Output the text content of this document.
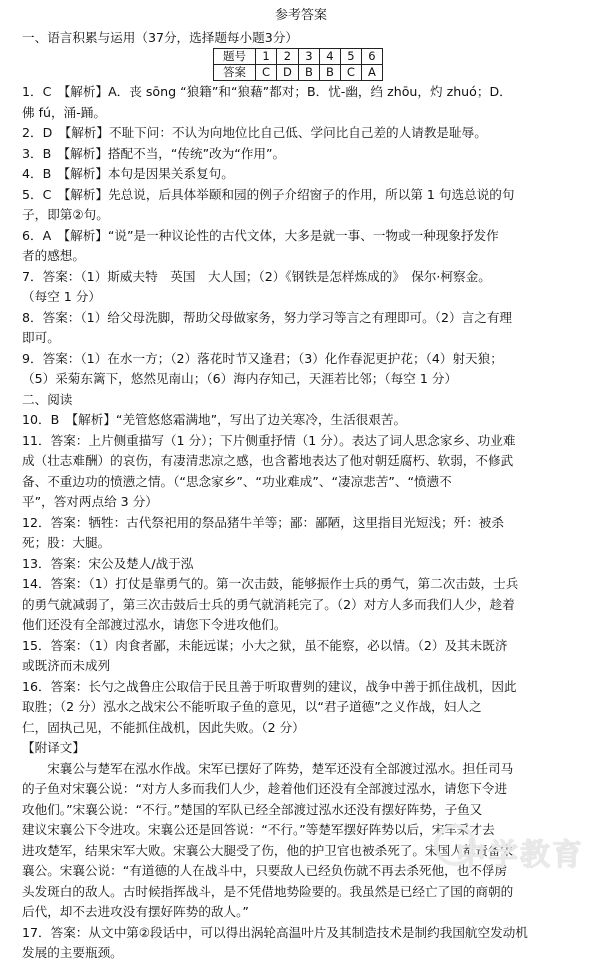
参考答案
一、语言积累与运用（37分，选择题每小题3分）
题号	1	2	3	4	5	6
答案	C	D	B	B	C	A
1．C　【解析】A．丧 sōng “狼籍”和“狼藉”都对；B．忧-幽，绉 zhōu，灼 zhuó；D．
佛 fú，涌-踊。
2．D　【解析】不耻下问：不认为向地位比自己低、学问比自己差的人请教是耻辱。
3．B　【解析】搭配不当，“传统”改为“作用”。
4．B　【解析】本句是因果关系复句。
5．C　【解析】先总说，后具体举颐和园的例子介绍窗子的作用，所以第 1 句选总说的句
子，即第②句。
6．A　【解析】“说”是一种议论性的古代文体，大多是就一事、一物或一种现象抒发作
者的感想。
7．答案：（1）斯威夫特　英国　大人国；（2）《钢铁是怎样炼成的》　保尔·柯察金。
（每空 1 分）
8．答案：（1）给父母洗脚，帮助父母做家务，努力学习等言之有理即可。（2）言之有理
即可。
9．答案：（1）在水一方；（2）落花时节又逢君；（3）化作春泥更护花；（4）射天狼；
（5）采菊东篱下，悠然见南山；（6）海内存知己，天涯若比邻；（每空 1 分）
二、阅读
10．B　【解析】“羌管悠悠霜满地”，写出了边关寒冷，生活很艰苦。
11．答案：上片侧重描写（1 分）；下片侧重抒情（1 分）。表达了词人思念家乡、功业难
成（壮志难酬）的哀伤，有凄清悲凉之感，也含蓄地表达了他对朝廷腐朽、软弱，不修武
备、不重边功的愤懑之情。（“思念家乡”、“功业难成”、“凄凉悲苦”、“愤懑不
平”，答对两点给 3 分）
12．答案：牺牲：古代祭祀用的祭品猪牛羊等；鄙：鄙陋，这里指目光短浅；歼：被杀
死；股：大腿。
13．答案：宋公及楚人/战于泓
14．答案：（1）打仗是靠勇气的。第一次击鼓，能够振作士兵的勇气，第二次击鼓，士兵
的勇气就减弱了，第三次击鼓后士兵的勇气就消耗完了。（2）对方人多而我们人少，趁着
他们还没有全部渡过泓水，请您下令进攻他们。
15．答案：（1）肉食者鄙，未能远谋；小大之狱，虽不能察，必以情。（2）及其未既济
或既济而未成列
16．答案：长勺之战鲁庄公取信于民且善于听取曹刿的建议，战争中善于抓住战机，因此
取胜；（2 分）泓水之战宋公不能听取子鱼的意见，以“君子道德”之义作战，妇人之
仁，固执己见，不能抓住战机，因此失败。（2 分）
【附译文】
宋襄公与楚军在泓水作战。宋军已摆好了阵势，楚军还没有全部渡过泓水。担任司马
的子鱼对宋襄公说：“对方人多而我们人少，趁着他们还没有全部渡过泓水，请您下令进
攻他们。”宋襄公说：“不行。”楚国的军队已经全部渡过泓水还没有摆好阵势，子鱼又
建议宋襄公下令进攻。宋襄公还是回答说：“不行。”等楚军摆好阵势以后，宋军采才去
进攻楚军，结果宋军大败。宋襄公大腿受了伤，他的护卫官也被杀死了。宋国人都责备宋
襄公。宋襄公说：“有道德的人在战斗中，只要敌人已经负伤就不再去杀死他，也不俘虏
头发斑白的敌人。古时候指挥战斗，是不凭借地势险要的。我虽然是已经亡了国的商朝的
后代，却不去进攻没有摆好阵势的敌人。”
17．答案：从文中第②段话中，可以得出涡轮高温叶片及其制造技术是制约我国航空发动机
发展的主要瓶颈。
中学教育
